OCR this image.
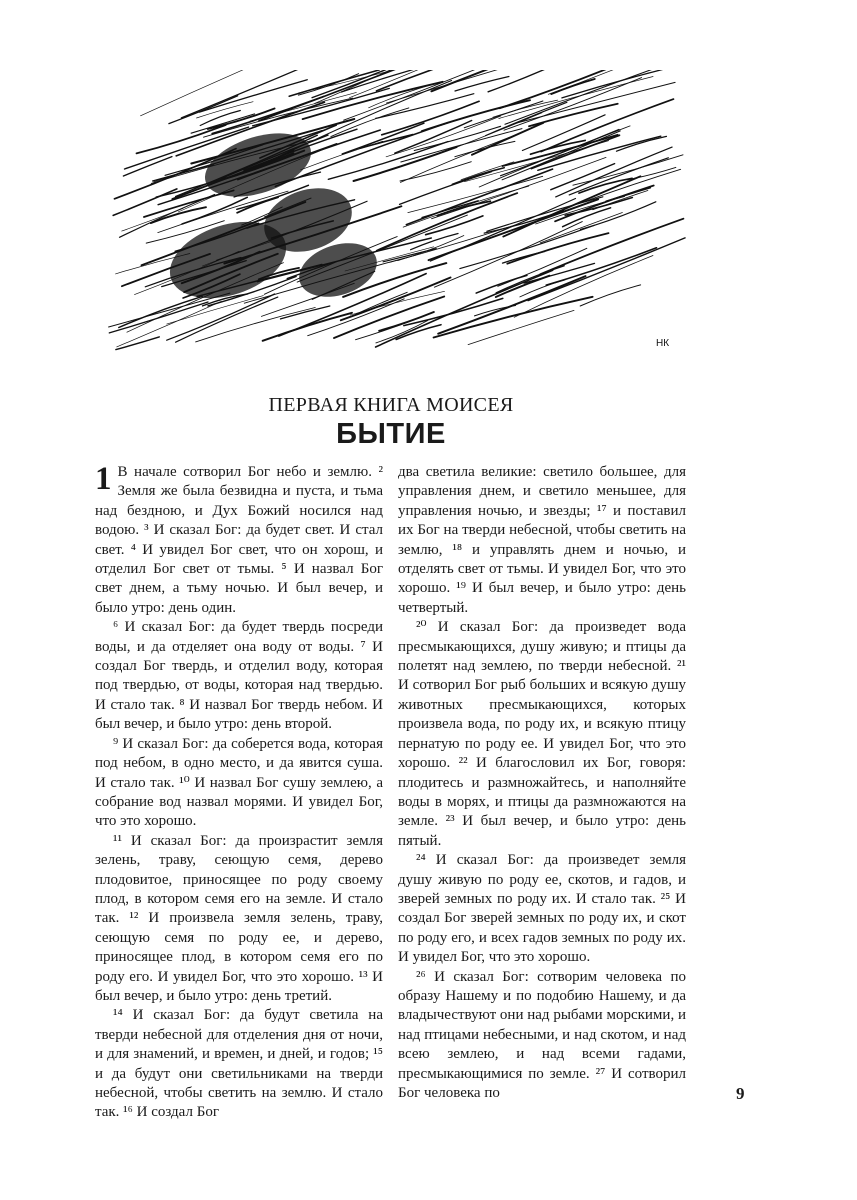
НК
ПЕРВАЯ КНИГА МОИСЕЯ
БЫТИЕ

1 В начале сотворил Бог небо и землю. ² Земля же была безвидна и пуста, и тьма над бездною, и Дух Божий носился над водою. ³ И сказал Бог: да будет свет. И стал свет. ⁴ И увидел Бог свет, что он хорош, и отделил Бог свет от тьмы. ⁵ И назвал Бог свет днем, а тьму ночью. И был вечер, и было утро: день один.

⁶ И сказал Бог: да будет твердь посреди воды, и да отделяет она воду от воды. ⁷ И создал Бог твердь, и отделил воду, которая под твердью, от воды, которая над твердью. И стало так. ⁸ И назвал Бог твердь небом. И был вечер, и было утро: день второй.

⁹ И сказал Бог: да соберется вода, которая под небом, в одно место, и да явится суша. И стало так. ¹⁰ И назвал Бог сушу землею, а собрание вод назвал морями. И увидел Бог, что это хорошо.

¹¹ И сказал Бог: да произрастит земля зелень, траву, сеющую семя, дерево плодовитое, приносящее по роду своему плод, в котором семя его на земле. И стало так. ¹² И произвела земля зелень, траву, сеющую семя по роду ее, и дерево, приносящее плод, в котором семя его по роду его. И увидел Бог, что это хорошо. ¹³ И был вечер, и было утро: день третий.

¹⁴ И сказал Бог: да будут светила на тверди небесной для отделения дня от ночи, и для знамений, и времен, и дней, и годов; ¹⁵ и да будут они светильниками на тверди небесной, чтобы светить на землю. И стало так. ¹⁶ И создал Бог

два светила великие: светило большее, для управления днем, и светило меньшее, для управления ночью, и звезды; ¹⁷ и поставил их Бог на тверди небесной, чтобы светить на землю, ¹⁸ и управлять днем и ночью, и отделять свет от тьмы. И увидел Бог, что это хорошо. ¹⁹ И был вечер, и было утро: день четвертый.

²⁰ И сказал Бог: да произведет вода пресмыкающихся, душу живую; и птицы да полетят над землею, по тверди небесной. ²¹ И сотворил Бог рыб больших и всякую душу животных пресмыкающихся, которых произвела вода, по роду их, и всякую птицу пернатую по роду ее. И увидел Бог, что это хорошо. ²² И благословил их Бог, говоря: плодитесь и размножайтесь, и наполняйте воды в морях, и птицы да размножаются на земле. ²³ И был вечер, и было утро: день пятый.

²⁴ И сказал Бог: да произведет земля душу живую по роду ее, скотов, и гадов, и зверей земных по роду их. И стало так. ²⁵ И создал Бог зверей земных по роду их, и скот по роду его, и всех гадов земных по роду их. И увидел Бог, что это хорошо.

²⁶ И сказал Бог: сотворим человека по образу Нашему и по подобию Нашему, и да владычествуют они над рыбами морскими, и над птицами небесными, и над скотом, и над всею землею, и над всеми гадами, пресмыкающимися по земле. ²⁷ И сотворил Бог человека по	9
